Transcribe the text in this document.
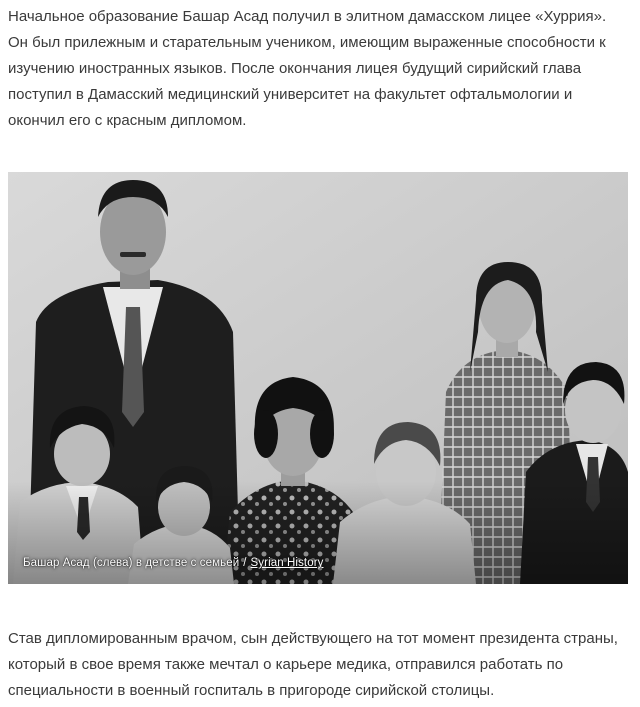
Начальное образование Башар Асад получил в элитном дамасском лицее «Хуррия». Он был прилежным и старательным учеником, имеющим выраженные способности к изучению иностранных языков. После окончания лицея будущий сирийский глава поступил в Дамасский медицинский университет на факультет офтальмологии и окончил его с красным дипломом.

Башар Асад (слева) в детстве с семьей / Syrian History

Став дипломированным врачом, сын действующего на тот момент президента страны, который в свое время также мечтал о карьере медика, отправился работать по специальности в военный госпиталь в пригороде сирийской столицы.
